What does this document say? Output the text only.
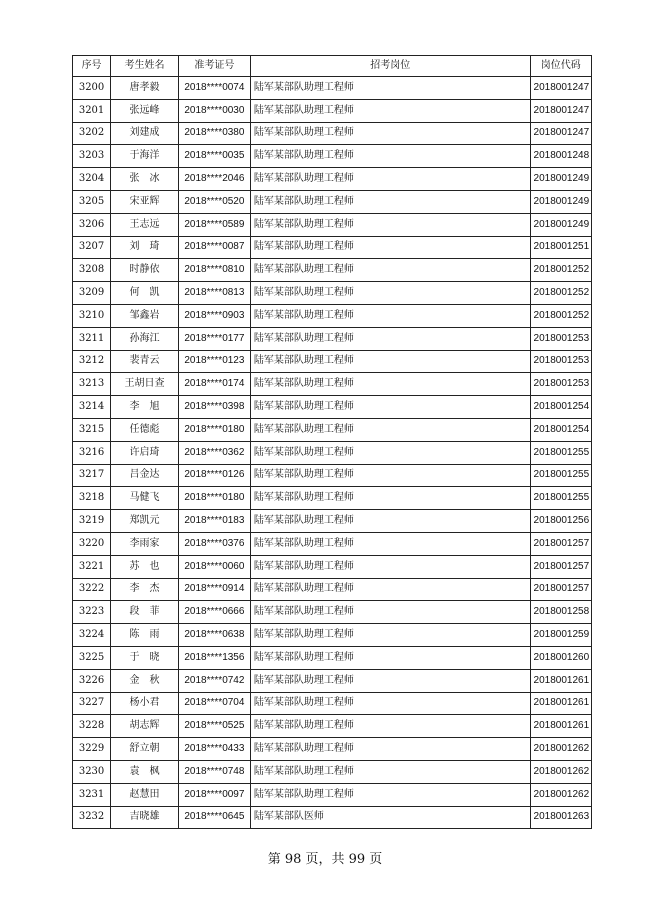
序号	考生姓名	准考证号	招考岗位	岗位代码
3200	唐孝毅	2018****0074	陆军某部队助理工程师	2018001247
3201	张远峰	2018****0030	陆军某部队助理工程师	2018001247
3202	刘建成	2018****0380	陆军某部队助理工程师	2018001247
3203	于海洋	2018****0035	陆军某部队助理工程师	2018001248
3204	张　冰	2018****2046	陆军某部队助理工程师	2018001249
3205	宋亚辉	2018****0520	陆军某部队助理工程师	2018001249
3206	王志远	2018****0589	陆军某部队助理工程师	2018001249
3207	刘　琦	2018****0087	陆军某部队助理工程师	2018001251
3208	时静依	2018****0810	陆军某部队助理工程师	2018001252
3209	何　凯	2018****0813	陆军某部队助理工程师	2018001252
3210	邹鑫岩	2018****0903	陆军某部队助理工程师	2018001252
3211	孙海江	2018****0177	陆军某部队助理工程师	2018001253
3212	裴青云	2018****0123	陆军某部队助理工程师	2018001253
3213	王胡日查	2018****0174	陆军某部队助理工程师	2018001253
3214	李　旭	2018****0398	陆军某部队助理工程师	2018001254
3215	任德彪	2018****0180	陆军某部队助理工程师	2018001254
3216	许启琦	2018****0362	陆军某部队助理工程师	2018001255
3217	吕金达	2018****0126	陆军某部队助理工程师	2018001255
3218	马健飞	2018****0180	陆军某部队助理工程师	2018001255
3219	郑凯元	2018****0183	陆军某部队助理工程师	2018001256
3220	李雨家	2018****0376	陆军某部队助理工程师	2018001257
3221	苏　也	2018****0060	陆军某部队助理工程师	2018001257
3222	李　杰	2018****0914	陆军某部队助理工程师	2018001257
3223	段　菲	2018****0666	陆军某部队助理工程师	2018001258
3224	陈　雨	2018****0638	陆军某部队助理工程师	2018001259
3225	于　晓	2018****1356	陆军某部队助理工程师	2018001260
3226	金　秋	2018****0742	陆军某部队助理工程师	2018001261
3227	杨小君	2018****0704	陆军某部队助理工程师	2018001261
3228	胡志辉	2018****0525	陆军某部队助理工程师	2018001261
3229	舒立朝	2018****0433	陆军某部队助理工程师	2018001262
3230	袁　枫	2018****0748	陆军某部队助理工程师	2018001262
3231	赵慧田	2018****0097	陆军某部队助理工程师	2018001262
3232	吉晓雄	2018****0645	陆军某部队医师	2018001263
第 98 页，共 99 页
